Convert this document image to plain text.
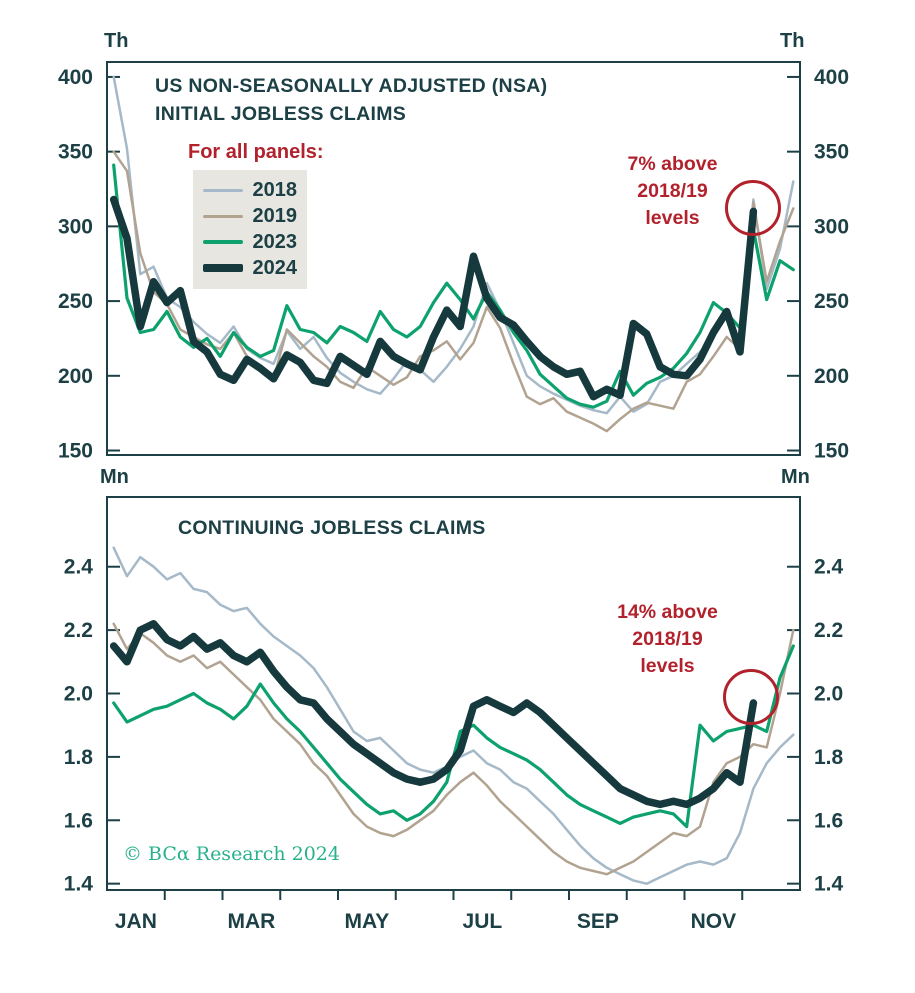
150	150
200	200
250	250
300	300
350	350
400	400
1.4	1.4
1.6	1.6
1.8	1.8
2.0	2.0
2.2	2.2
2.4	2.4
JAN	MAR	MAY	JUL	SEP	NOV
Th	Th
Mn	Mn
US NON-SEASONALLY ADJUSTED (NSA)
INITIAL JOBLESS CLAIMS
For all panels:
2018
2019
2023
2024
7% above
2018/19
levels
CONTINUING JOBLESS CLAIMS
14% above
2018/19
levels
© BCα Research 2024
